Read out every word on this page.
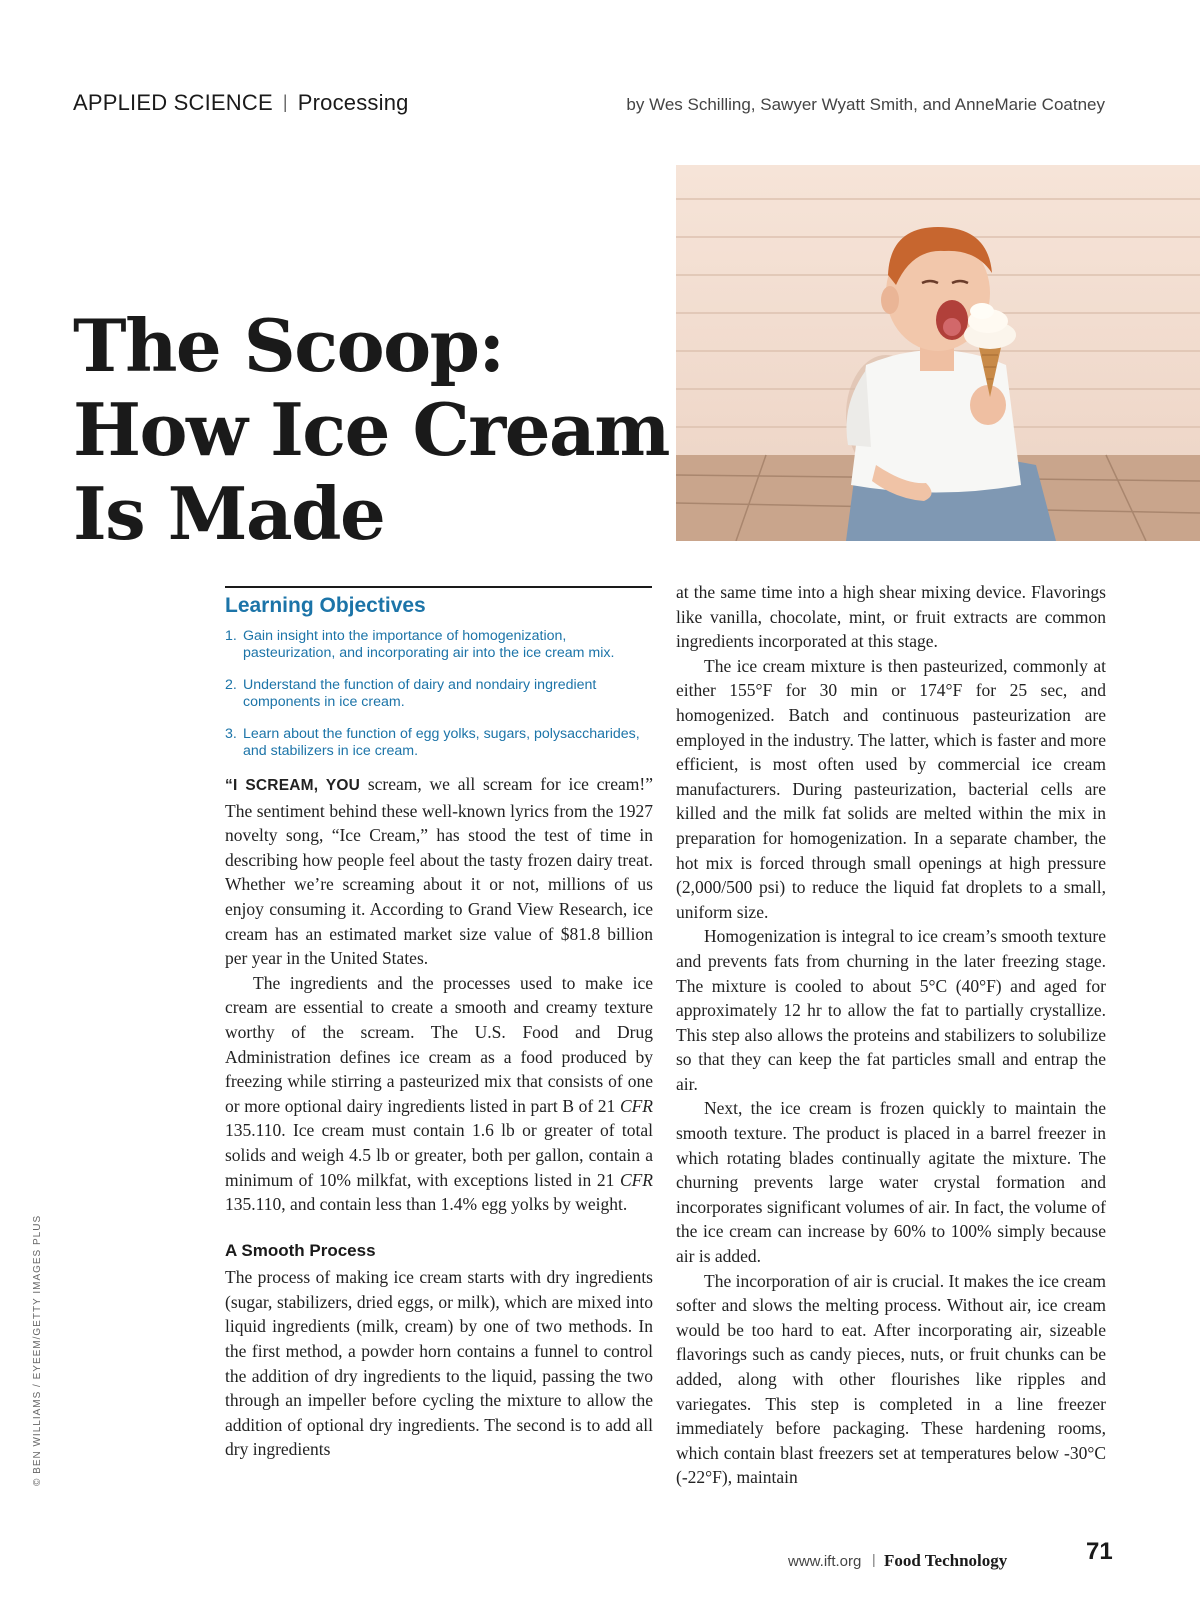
APPLIED SCIENCE | Processing	by Wes Schilling, Sawyer Wyatt Smith, and AnneMarie Coatney
The Scoop:
How Ice Cream
Is Made
Learning Objectives
1. Gain insight into the importance of homogenization, pasteurization, and incorporating air into the ice cream mix.
2. Understand the function of dairy and nondairy ingredient components in ice cream.
3. Learn about the function of egg yolks, sugars, polysaccharides, and stabilizers in ice cream.

“I SCREAM, YOU scream, we all scream for ice cream!” The sentiment behind these well-known lyrics from the 1927 novelty song, “Ice Cream,” has stood the test of time in describing how people feel about the tasty frozen dairy treat. Whether we’re screaming about it or not, millions of us enjoy consuming it. According to Grand View Research, ice cream has an estimated market size value of $81.8 billion per year in the United States.

The ingredients and the processes used to make ice cream are essential to create a smooth and creamy texture worthy of the scream. The U.S. Food and Drug Administration defines ice cream as a food produced by freezing while stirring a pasteurized mix that consists of one or more optional dairy ingredients listed in part B of 21 CFR 135.110. Ice cream must contain 1.6 lb or greater of total solids and weigh 4.5 lb or greater, both per gallon, contain a minimum of 10% milkfat, with exceptions listed in 21 CFR 135.110, and contain less than 1.4% egg yolks by weight.

A Smooth Process

The process of making ice cream starts with dry ingredients (sugar, stabilizers, dried eggs, or milk), which are mixed into liquid ingredients (milk, cream) by one of two methods. In the first method, a powder horn contains a funnel to control the addition of dry ingredients to the liquid, passing the two through an impeller before cycling the mixture to allow the addition of optional dry ingredients. The second is to add all dry ingredients

at the same time into a high shear mixing device. Flavorings like vanilla, chocolate, mint, or fruit extracts are common ingredients incorporated at this stage.

The ice cream mixture is then pasteurized, commonly at either 155°F for 30 min or 174°F for 25 sec, and homogenized. Batch and continuous pasteurization are employed in the industry. The latter, which is faster and more efficient, is most often used by commercial ice cream manufacturers. During pasteurization, bacterial cells are killed and the milk fat solids are melted within the mix in preparation for homogenization. In a separate chamber, the hot mix is forced through small openings at high pressure (2,000/500 psi) to reduce the liquid fat droplets to a small, uniform size.

Homogenization is integral to ice cream’s smooth texture and prevents fats from churning in the later freezing stage. The mixture is cooled to about 5°C (40°F) and aged for approximately 12 hr to allow the fat to partially crystallize. This step also allows the proteins and stabilizers to solubilize so that they can keep the fat particles small and entrap the air.

Next, the ice cream is frozen quickly to maintain the smooth texture. The product is placed in a barrel freezer in which rotating blades continually agitate the mixture. The churning prevents large water crystal formation and incorporates significant volumes of air. In fact, the volume of the ice cream can increase by 60% to 100% simply because air is added.

The incorporation of air is crucial. It makes the ice cream softer and slows the melting process. Without air, ice cream would be too hard to eat. After incorporating air, sizeable flavorings such as candy pieces, nuts, or fruit chunks can be added, along with other flourishes like ripples and variegates. This step is completed in a line freezer immediately before packaging. These hardening rooms, which contain blast freezers set at temperatures below -30°C (-22°F), maintain

© BEN WILLIAMS / EYEEM/GETTY IMAGES PLUS
www.ift.org | Food Technology	71
